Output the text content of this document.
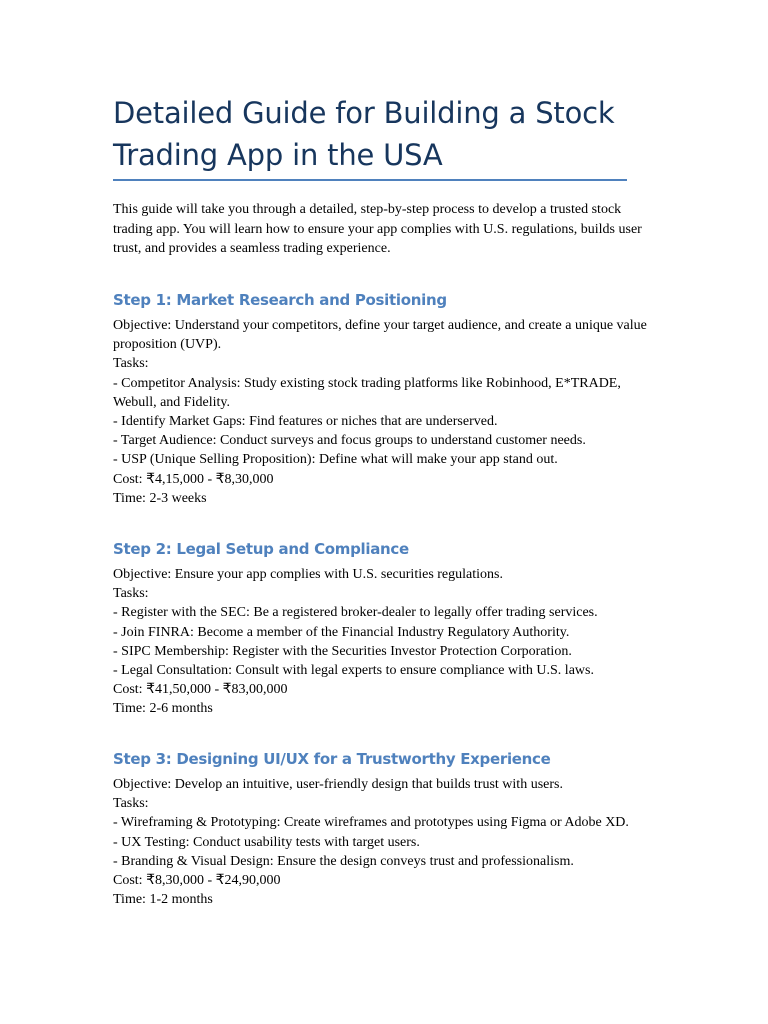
Detailed Guide for Building a Stock Trading App in the USA

This guide will take you through a detailed, step-by-step process to develop a trusted stock trading app. You will learn how to ensure your app complies with U.S. regulations, builds user trust, and provides a seamless trading experience.

Step 1: Market Research and Positioning
Objective: Understand your competitors, define your target audience, and create a unique value proposition (UVP).
Tasks:
- Competitor Analysis: Study existing stock trading platforms like Robinhood, E*TRADE, Webull, and Fidelity.
- Identify Market Gaps: Find features or niches that are underserved.
- Target Audience: Conduct surveys and focus groups to understand customer needs.
- USP (Unique Selling Proposition): Define what will make your app stand out.
Cost: ₹4,15,000 - ₹8,30,000
Time: 2-3 weeks
Step 2: Legal Setup and Compliance
Objective: Ensure your app complies with U.S. securities regulations.
Tasks:
- Register with the SEC: Be a registered broker-dealer to legally offer trading services.
- Join FINRA: Become a member of the Financial Industry Regulatory Authority.
- SIPC Membership: Register with the Securities Investor Protection Corporation.
- Legal Consultation: Consult with legal experts to ensure compliance with U.S. laws.
Cost: ₹41,50,000 - ₹83,00,000
Time: 2-6 months
Step 3: Designing UI/UX for a Trustworthy Experience
Objective: Develop an intuitive, user-friendly design that builds trust with users.
Tasks:
- Wireframing & Prototyping: Create wireframes and prototypes using Figma or Adobe XD.
- UX Testing: Conduct usability tests with target users.
- Branding & Visual Design: Ensure the design conveys trust and professionalism.
Cost: ₹8,30,000 - ₹24,90,000
Time: 1-2 months
